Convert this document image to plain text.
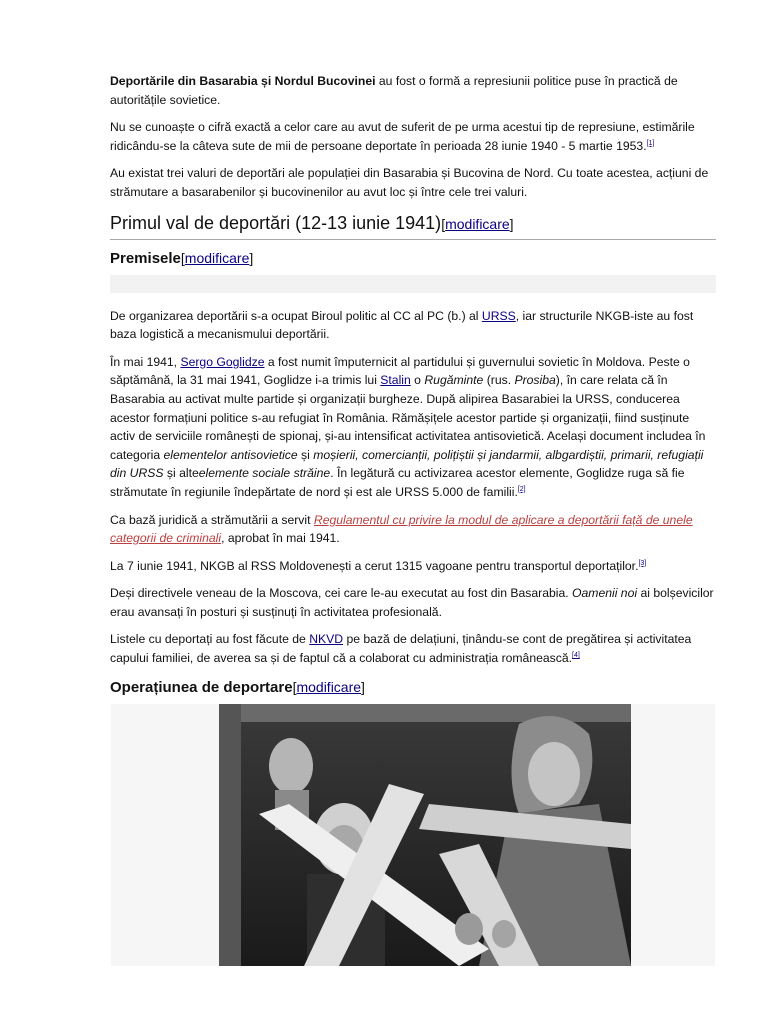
Deportările din Basarabia și Nordul Bucovinei au fost o formă a represiunii politice puse în practică de autoritățile sovietice.

Nu se cunoaște o cifră exactă a celor care au avut de suferit de pe urma acestui tip de represiune, estimările ridicându-se la câteva sute de mii de persoane deportate în perioada 28 iunie 1940 - 5 martie 1953.[1]

Au existat trei valuri de deportări ale populației din Basarabia și Bucovina de Nord. Cu toate acestea, acțiuni de strămutare a basarabenilor și bucovinenilor au avut loc și între cele trei valuri.

Primul val de deportări (12-13 iunie 1941)[modificare]
Premisele[modificare]

De organizarea deportării s-a ocupat Biroul politic al CC al PC (b.) al URSS, iar structurile NKGB-iste au fost baza logistică a mecanismului deportării.

În mai 1941, Sergo Goglidze a fost numit împuternicit al partidului și guvernului sovietic în Moldova. Peste o săptămână, la 31 mai 1941, Goglidze i-a trimis lui Stalin o Rugăminte (rus. Prosiba), în care relata că în Basarabia au activat multe partide și organizații burgheze. După alipirea Basarabiei la URSS, conducerea acestor formațiuni politice s-au refugiat în România. Rămășițele acestor partide și organizații, fiind susținute activ de serviciile românești de spionaj, și-au intensificat activitatea antisovietică. Același document includea în categoria elementelor antisovietice și moșierii, comercianții, polițiștii și jandarmii, albgardiștii, primarii, refugiații din URSS și alteelemente sociale străine. În legătură cu activizarea acestor elemente, Goglidze ruga să fie strămutate în regiunile îndepărtate de nord și est ale URSS 5.000 de familii.[2]

Ca bază juridică a strămutării a servit Regulamentul cu privire la modul de aplicare a deportării față de unele categorii de criminali, aprobat în mai 1941.

La 7 iunie 1941, NKGB al RSS Moldovenești a cerut 1315 vagoane pentru transportul deportaților.[3]

Deși directivele veneau de la Moscova, cei care le-au executat au fost din Basarabia. Oamenii noi ai bolșevicilor erau avansați în posturi și susținuți în activitatea profesională.

Listele cu deportați au fost făcute de NKVD pe bază de delațiuni, ținându-se cont de pregătirea și activitatea capului familiei, de averea sa și de faptul că a colaborat cu administrația românească.[4]

Operațiunea de deportare[modificare]
